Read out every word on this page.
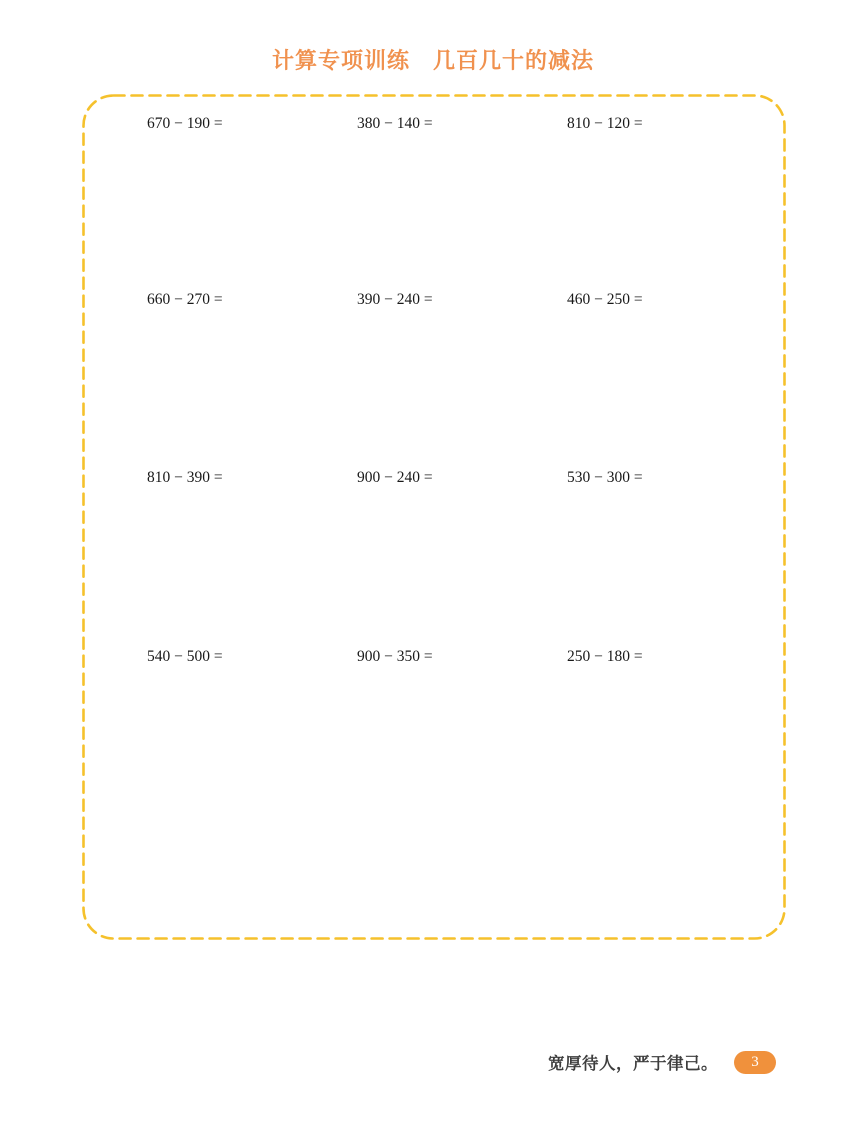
计算专项训练　几百几十的减法
670 − 190 =	380 − 140 =	810 − 120 =
660 − 270 =	390 − 240 =	460 − 250 =
810 − 390 =	900 − 240 =	530 − 300 =
540 − 500 =	900 − 350 =	250 − 180 =
宽厚待人，严于律己。	3
